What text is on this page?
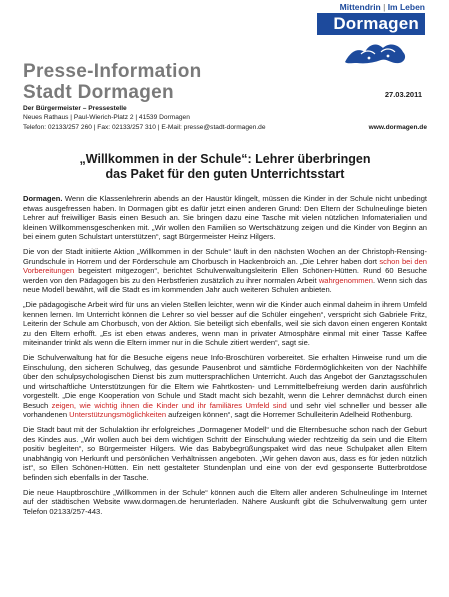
Mittendrin | Im Leben
Dormagen
Presse-Information
Stadt Dormagen	27.03.2011
Der Bürgermeister – Pressestelle
Neues Rathaus | Paul-Wierich-Platz 2 | 41539 Dormagen
Telefon: 02133/257 260 | Fax: 02133/257 310 | E-Mail: presse@stadt-dormagen.de	www.dormagen.de
„Willkommen in der Schule“: Lehrer überbringen
das Paket für den guten Unterrichtsstart

Dormagen. Wenn die Klassenlehrerin abends an der Haustür klingelt, müssen die Kinder in der Schule nicht unbedingt etwas ausgefressen haben. In Dormagen gibt es dafür jetzt einen anderen Grund: Den Eltern der Schulneulinge bieten Lehrer auf freiwilliger Basis einen Besuch an. Sie bringen dazu eine Tasche mit vielen nützlichen Infomaterialien und kleinen Willkommensgeschenken mit. „Wir wollen den Familien so Wertschätzung zeigen und die Kinder von Beginn an bei einem guten Schulstart unterstützen“, sagt Bürgermeister Heinz Hilgers.

Die von der Stadt initiierte Aktion „Willkommen in der Schule“ läuft in den nächsten Wochen an der Christoph-Rensing-Grundschule in Horrem und der Förderschule am Chorbusch in Hackenbroich an. „Die Lehrer haben dort schon bei den Vorbereitungen begeistert mitgezogen“, berichtet Schulverwaltungsleiterin Ellen Schönen-Hütten. Rund 60 Besuche werden von den Pädagogen bis zu den Herbstferien zusätzlich zu ihrer normalen Arbeit wahrgenommen. Wenn sich das neue Modell bewährt, will die Stadt es im kommenden Jahr auch weiteren Schulen anbieten.

„Die pädagogische Arbeit wird für uns an vielen Stellen leichter, wenn wir die Kinder auch einmal daheim in ihrem Umfeld kennen lernen. Im Unterricht können die Lehrer so viel besser auf die Schüler eingehen“, verspricht sich Gabriele Fritz, Leiterin der Schule am Chorbusch, von der Aktion. Sie beteiligt sich ebenfalls, weil sie sich davon einen engeren Kontakt zu den Eltern erhofft. „Es ist eben etwas anderes, wenn man in privater Atmosphäre einmal mit einer Tasse Kaffee miteinander trinkt als wenn die Eltern immer nur in die Schule zitiert werden“, sagt sie.

Die Schulverwaltung hat für die Besuche eigens neue Info-Broschüren vorbereitet. Sie erhalten Hinweise rund um die Einschulung, den sicheren Schulweg, das gesunde Pausenbrot und sämtliche Fördermöglichkeiten von der Nachhilfe über den schulpsychologischen Dienst bis zum muttersprachlichen Unterricht. Auch das Angebot der Ganztagsschulen und wirtschaftliche Unterstützungen für die Eltern wie Fahrtkosten- und Lernmittelbefreiung werden darin ausführlich vorgestellt. „Die enge Kooperation von Schule und Stadt macht sich bezahlt, wenn die Lehrer demnächst durch einen Besuch zeigen, wie wichtig ihnen die Kinder und ihr familiäres Umfeld sind und sehr viel schneller und besser alle vorhandenen Unterstützungsmöglichkeiten aufzeigen können“, sagt die Horremer Schulleiterin Adelheid Rothenburg.

Die Stadt baut mit der Schulaktion ihr erfolgreiches „Dormagener Modell“ und die Elternbesuche schon nach der Geburt des Kindes aus. „Wir wollen auch bei dem wichtigen Schritt der Einschulung wieder rechtzeitig da sein und die Eltern positiv begleiten“, so Bürgermeister Hilgers. Wie das Babybegrüßungspaket wird das neue Schulpaket allen Eltern unabhängig von Herkunft und persönlichen Verhältnissen angeboten. „Wir gehen davon aus, dass es für jeden nützlich ist“, so Ellen Schönen-Hütten. Ein nett gestalteter Stundenplan und eine von der evd gesponserte Butterbrotdose befinden sich ebenfalls in der Tasche.

Die neue Hauptbroschüre „Willkommen in der Schule“ können auch die Eltern aller anderen Schulneulinge im Internet auf der städtischen Website www.dormagen.de herunterladen. Nähere Auskunft gibt die Schulverwaltung gern unter Telefon 02133/257-443.
